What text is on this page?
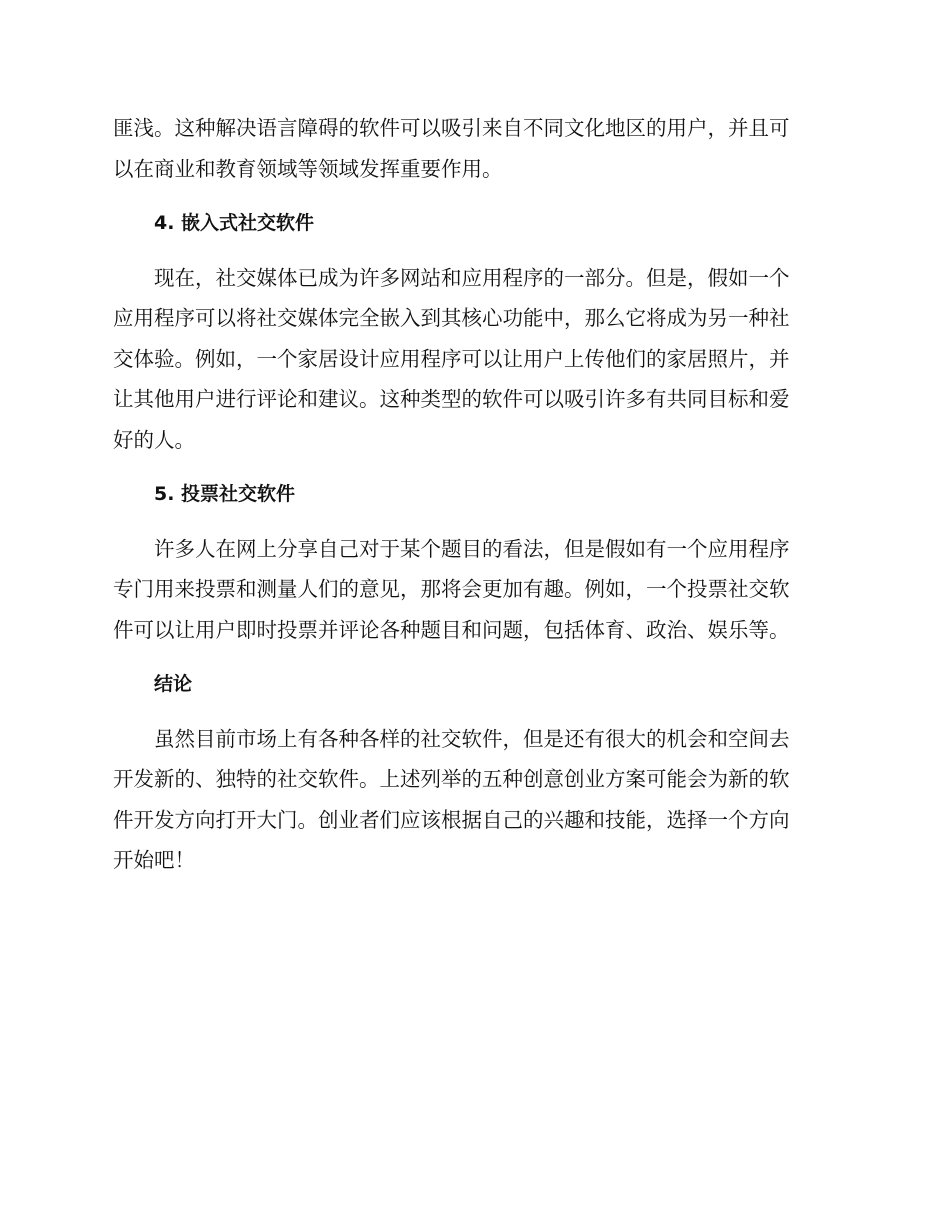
匪浅。这种解决语言障碍的软件可以吸引来自不同文化地区的用户，并且可
以在商业和教育领域等领域发挥重要作用。
4. 嵌入式社交软件
现在，社交媒体已成为许多网站和应用程序的一部分。但是，假如一个
应用程序可以将社交媒体完全嵌入到其核心功能中，那么它将成为另一种社
交体验。例如，一个家居设计应用程序可以让用户上传他们的家居照片，并
让其他用户进行评论和建议。这种类型的软件可以吸引许多有共同目标和爱
好的人。
5. 投票社交软件
许多人在网上分享自己对于某个题目的看法，但是假如有一个应用程序
专门用来投票和测量人们的意见，那将会更加有趣。例如，一个投票社交软
件可以让用户即时投票并评论各种题目和问题，包括体育、政治、娱乐等。
结论
虽然目前市场上有各种各样的社交软件，但是还有很大的机会和空间去
开发新的、独特的社交软件。上述列举的五种创意创业方案可能会为新的软
件开发方向打开大门。创业者们应该根据自己的兴趣和技能，选择一个方向
开始吧！
